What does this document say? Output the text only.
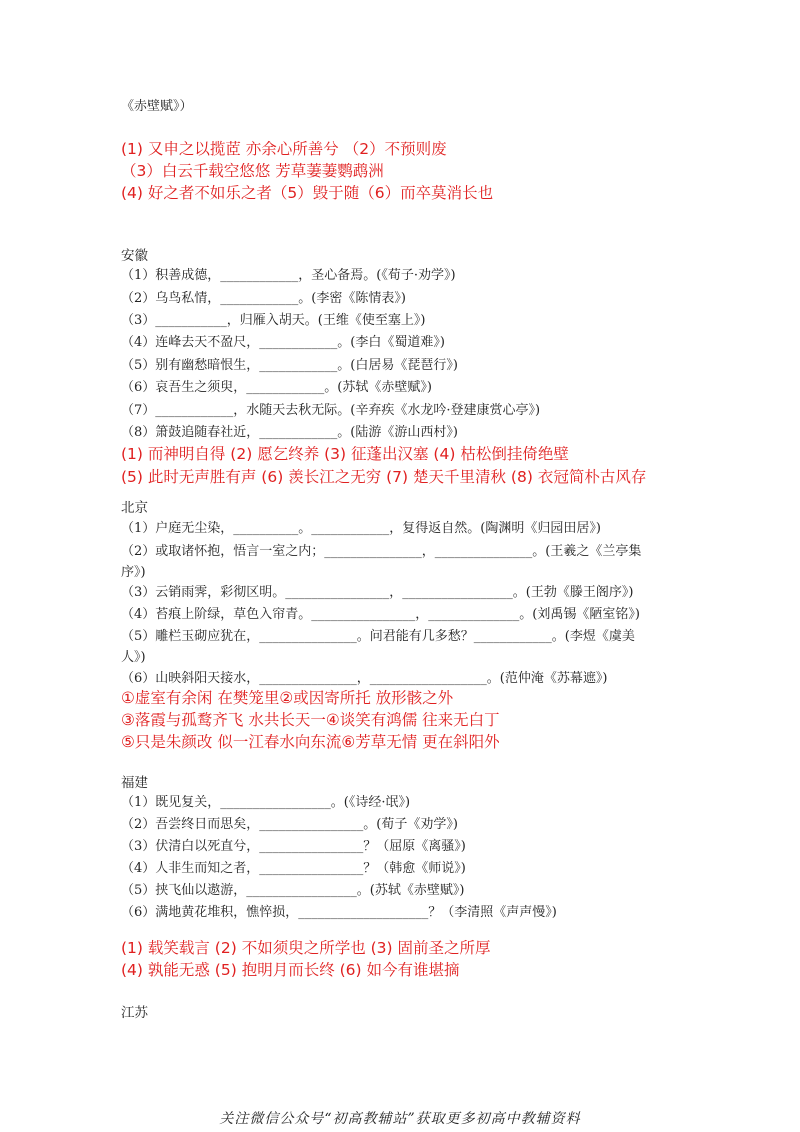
《赤壁赋》）
(1) 又申之以揽茝 亦余心所善兮 （2）不预则废
（3）白云千载空悠悠 芳草萋萋鹦鹉洲
(4) 好之者不如乐之者（5）毁于随（6）而卒莫消长也
安徽
（1）积善成德，____________，圣心备焉。(《荀子·劝学》)
（2）乌鸟私情，____________。(李密《陈情表》)
（3）___________，归雁入胡天。(王维《使至塞上》)
（4）连峰去天不盈尺，____________。(李白《蜀道难》)
（5）别有幽愁暗恨生，____________。(白居易《琵琶行》)
（6）哀吾生之须臾，____________。(苏轼《赤壁赋》)
（7）____________，水随天去秋无际。(辛弃疾《水龙吟·登建康赏心亭》)
（8）箫鼓追随春社近，____________。(陆游《游山西村》)
(1) 而神明自得 (2) 愿乞终养 (3) 征蓬出汉塞 (4) 枯松倒挂倚绝壁
(5) 此时无声胜有声 (6) 羡长江之无穷 (7) 楚天千里清秋 (8) 衣冠简朴古风存
北京
（1）户庭无尘染，__________。____________，复得返自然。(陶渊明《归园田居》)
（2）或取诸怀抱，悟言一室之内；_______________，_______________。(王羲之《兰亭集
序》)
（3）云销雨霁，彩彻区明。________________，_________________。(王勃《滕王阁序》)
（4）苔痕上阶绿，草色入帘青。________________，______________。(刘禹锡《陋室铭》)
（5）雕栏玉砌应犹在，_______________。问君能有几多愁？____________。(李煜《虞美
人》)
（6）山映斜阳天接水，_______________，__________________。(范仲淹《苏幕遮》)
①虚室有余闲 在樊笼里②或因寄所托 放形骸之外
③落霞与孤鹜齐飞 水共长天一④谈笑有鸿儒 往来无白丁
⑤只是朱颜改 似一江春水向东流⑥芳草无情 更在斜阳外
福建
（1）既见复关，_________________。(《诗经·氓》)
（2）吾尝终日而思矣，________________。(荀子《劝学》)
（3）伏清白以死直兮，________________？（屈原《离骚》)
（4）人非生而知之者，________________？（韩愈《师说》)
（5）挟飞仙以遨游，_________________。(苏轼《赤壁赋》)
（6）满地黄花堆积，憔悴损，____________________？（李清照《声声慢》)
(1) 载笑载言 (2) 不如须臾之所学也 (3) 固前圣之所厚
(4) 孰能无惑 (5) 抱明月而长终 (6) 如今有谁堪摘
江苏
关注微信公众号“初高教辅站”获取更多初高中教辅资料
